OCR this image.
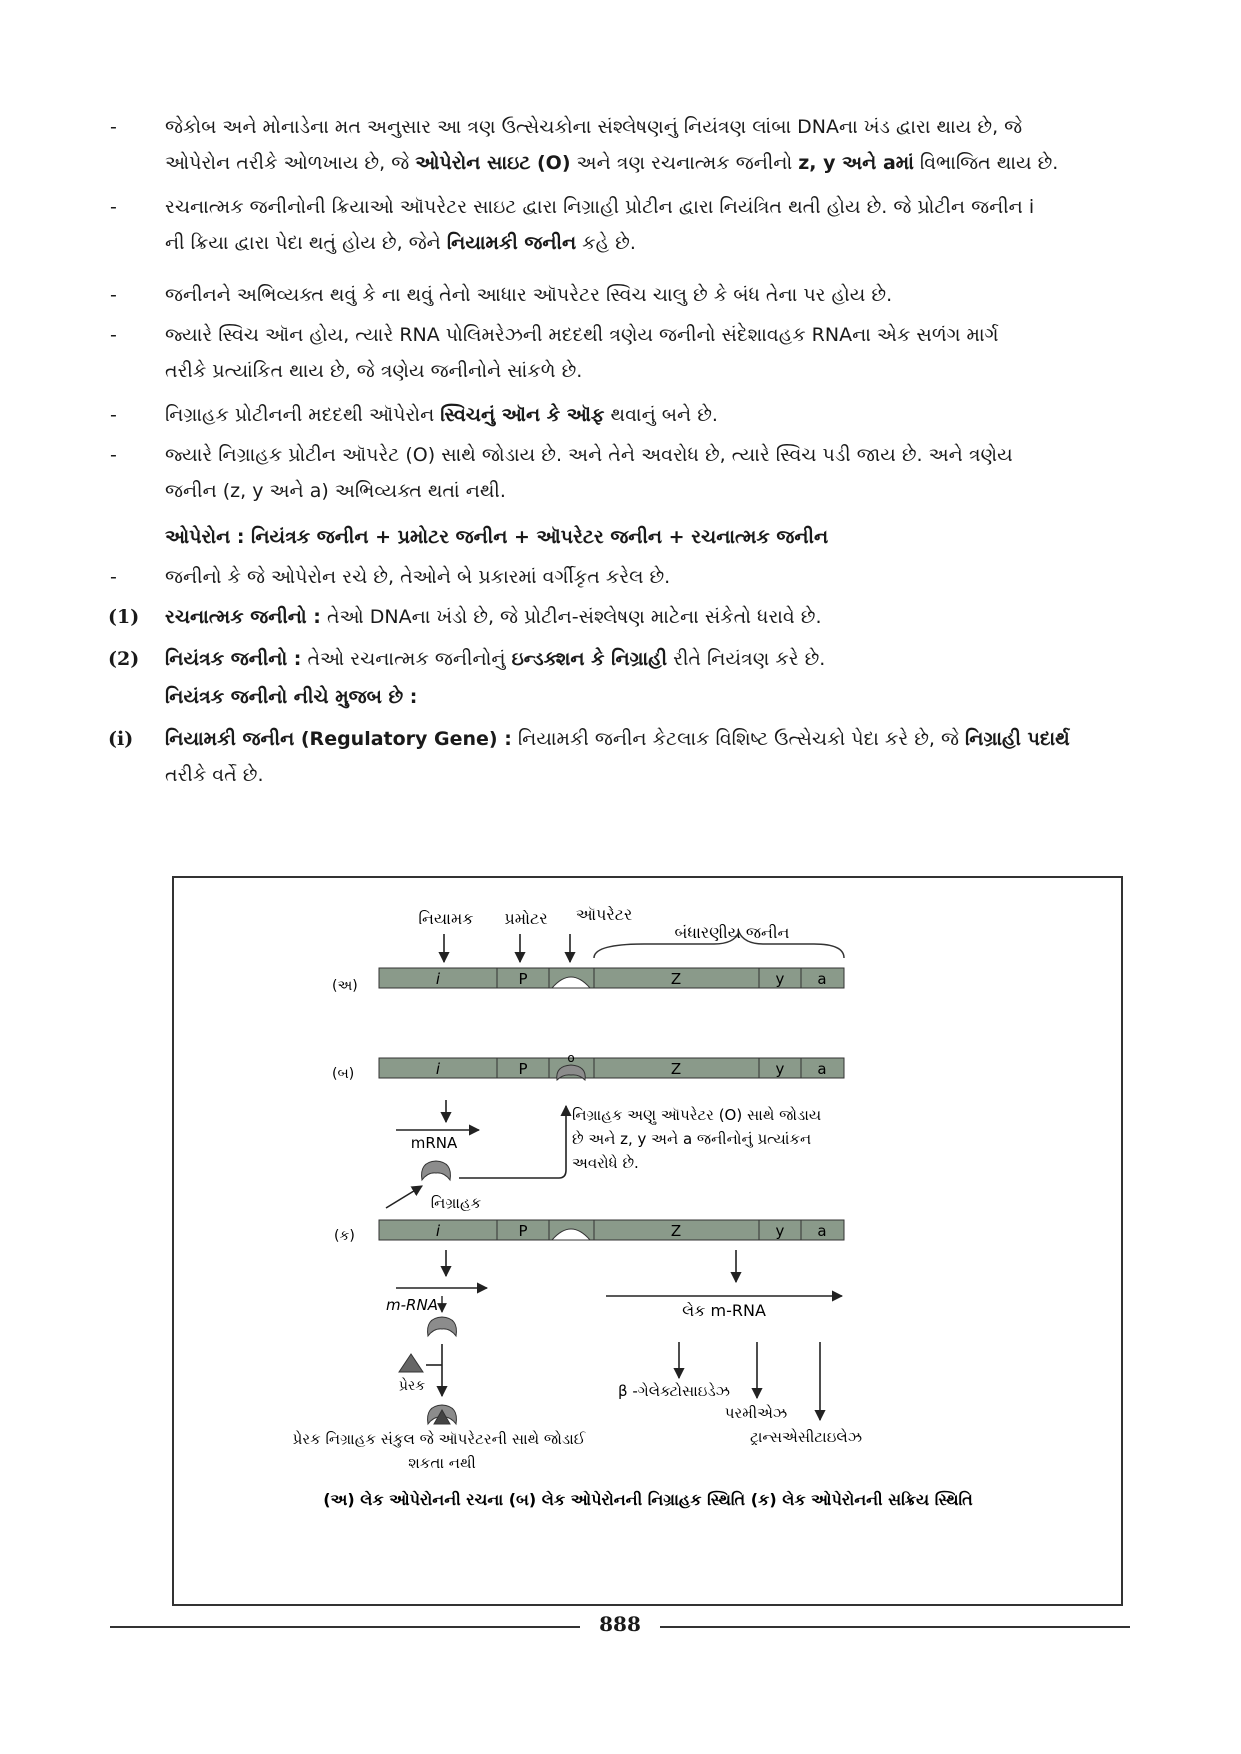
-	જેકોબ અને મોનાડેના મત અનુસાર આ ત્રણ ઉત્સેચકોના સંશ્લેષણનું નિયંત્રણ લાંબા DNAના ખંડ દ્વારા થાય છે, જે
ઓપેરોન તરીકે ઓળખાય છે, જે ઓપેરોન સાઇટ (O) અને ત્રણ રચનાત્મક જનીનો z, y અને aમાં વિભાજિત થાય છે.
-	રચનાત્મક જનીનોની ક્રિયાઓ ઑપરેટર સાઇટ દ્વારા નિગ્રાહી પ્રોટીન દ્વારા નિયંત્રિત થતી હોય છે. જે પ્રોટીન જનીન i
ની ક્રિયા દ્વારા પેદા થતું હોય છે, જેને નિયામકી જનીન કહે છે.
-	જનીનને અભિવ્યક્ત થવું કે ના થવું તેનો આધાર ઑપરેટર સ્વિચ ચાલુ છે કે બંધ તેના પર હોય છે.
-	જ્યારે સ્વિચ ઑન હોય, ત્યારે RNA પોલિમરેઝની મદદથી ત્રણેય જનીનો સંદેશાવહક RNAના એક સળંગ માર્ગ
તરીકે પ્રત્યાંકિત થાય છે, જે ત્રણેય જનીનોને સાંકળે છે.
-	નિગ્રાહક પ્રોટીનની મદદથી ઑપેરોન સ્વિચનું ઑન કે ઑફ થવાનું બને છે.
-	જ્યારે નિગ્રાહક પ્રોટીન ઑપરેટ (O) સાથે જોડાય છે. અને તેને અવરોધ છે, ત્યારે સ્વિચ પડી જાય છે. અને ત્રણેય
જનીન (z, y અને a) અભિવ્યક્ત થતાં નથી.
ઓપેરોન : નિયંત્રક જનીન + પ્રમોટર જનીન + ઑપરેટર જનીન + રચનાત્મક જનીન
-	જનીનો કે જે ઓપેરોન રચે છે, તેઓને બે પ્રકારમાં વર્ગીકૃત કરેલ છે.
(1) રચનાત્મક જનીનો : તેઓ DNAના ખંડો છે, જે પ્રોટીન-સંશ્લેષણ માટેના સંકેતો ધરાવે છે.
(2) નિયંત્રક જનીનો : તેઓ રચનાત્મક જનીનોનું ઇન્ડક્શન કે નિગ્રાહી રીતે નિયંત્રણ કરે છે.
નિયંત્રક જનીનો નીચે મુજબ છે :
(i) નિયામકી જનીન (Regulatory Gene) : નિયામકી જનીન કેટલાક વિશિષ્ટ ઉત્સેચકો પેદા કરે છે, જે નિગ્રાહી પદાર્થ
તરીકે વર્તે છે.
નિયામક પ્રમોટર ઑપરેટર
બંધારણીય જનીન
(અ)	i	P	Z	y a
(બ)
o
i	P	Z	y a
mRNA
નિગ્રાહક
નિગ્રાહક અણુ ઑપરેટર (O) સાથે જોડાય
છે અને z, y અને a જનીનોનું પ્રત્યાંકન
અવરોધે છે.
(ક)	i	P	Z	y a
m-RNA
પ્રેરક
પ્રેરક નિગ્રાહક સંકુલ જે ઑપરેટરની સાથે જોડાઈ
શકતા નથી
લેક m-RNA
β -ગેલેક્ટોસાઇડેઝ
પરમીએઝ
ટ્રાન્સએસીટાઇલેઝ
(અ) લેક ઓપેરોનની રચના (બ) લેક ઓપેરોનની નિગ્રાહક સ્થિતિ (ક) લેક ઓપેરોનની સક્રિય સ્થિતિ
888
